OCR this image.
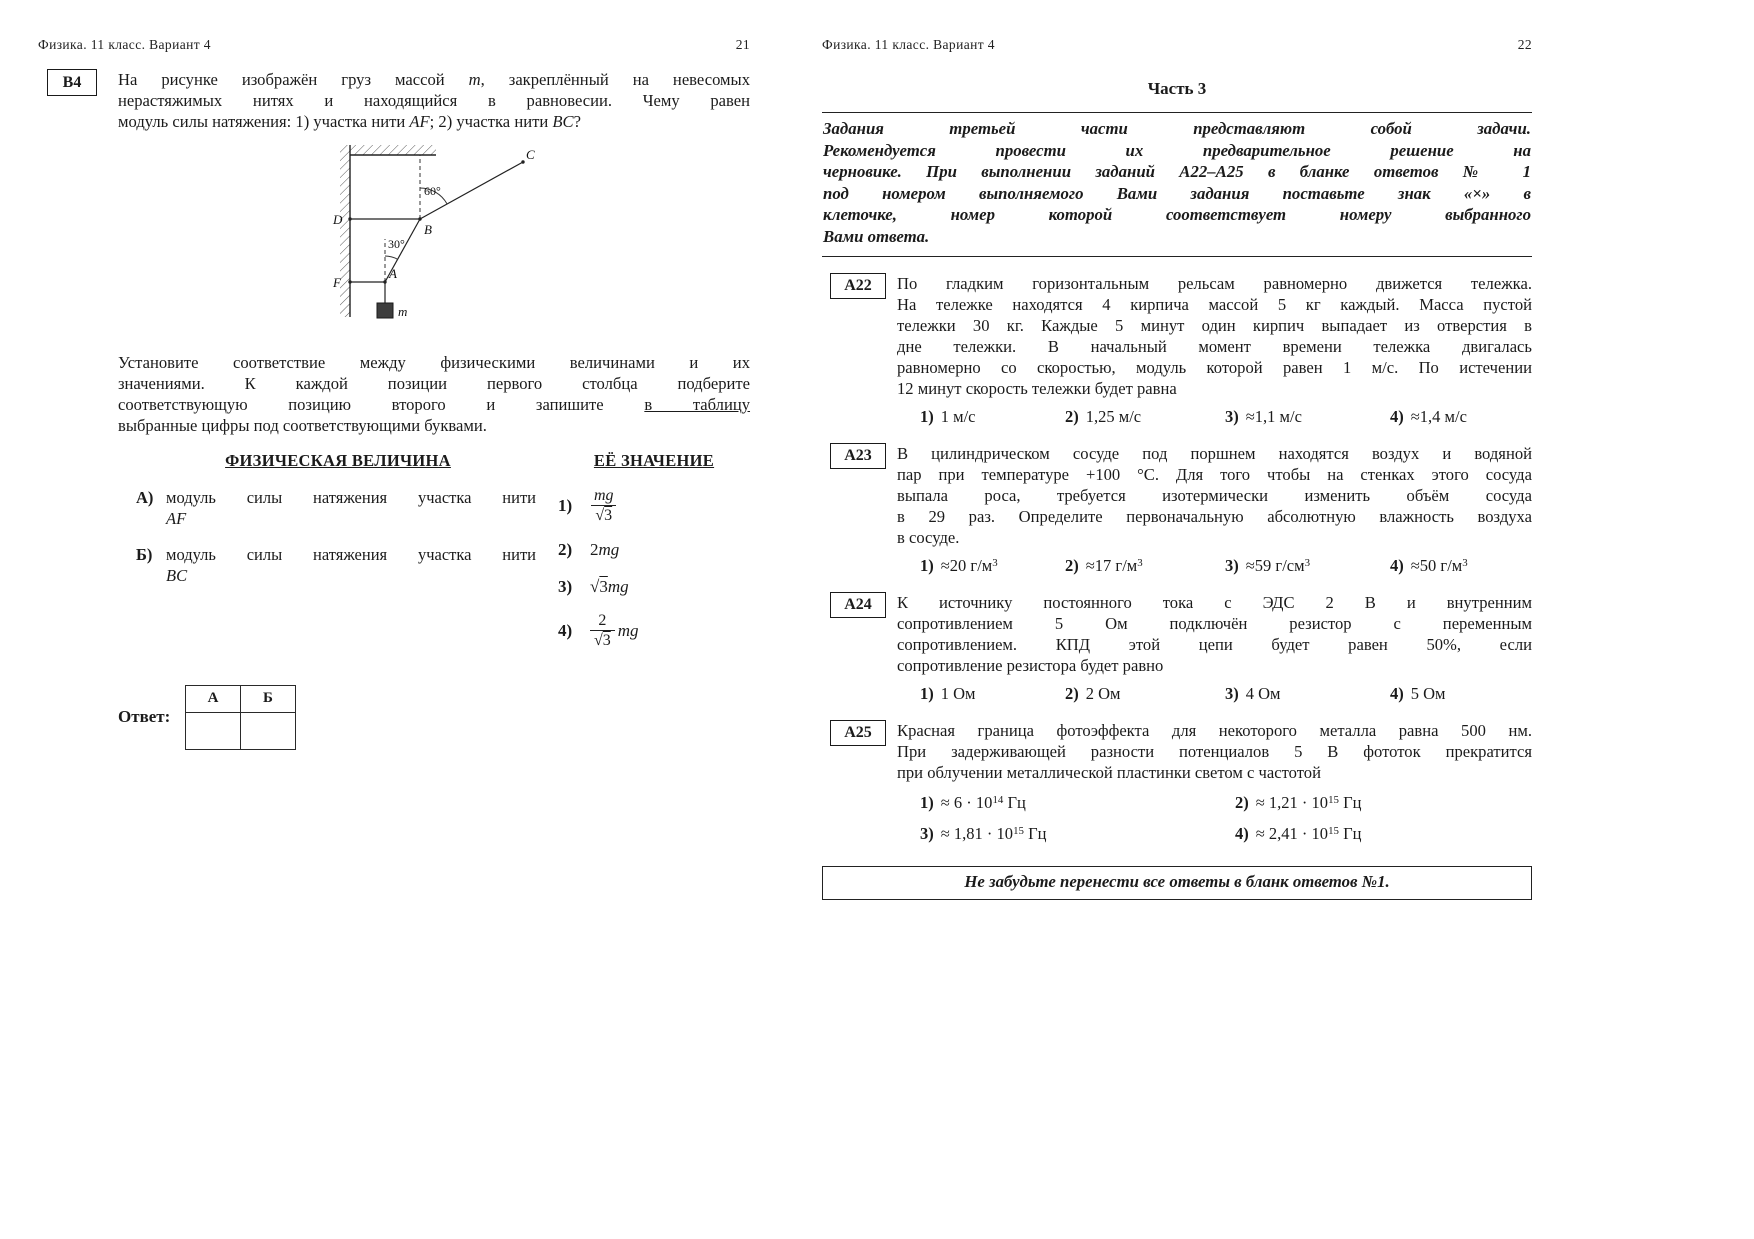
Физика. 11 класс. Вариант 4	21
В4	На рисунке изображён груз массой m, закреплённый на невесомых
нерастяжимых нитях и находящийся в равновесии. Чему равен
модуль силы натяжения: 1) участка нити AF; 2) участка нити BC?
D
F
B
C
A
m
60°
30°
Установите соответствие между физическими величинами и их
значениями. К каждой позиции первого столбца подберите
соответствующую позицию второго и запишите в таблицу
выбранные цифры под соответствующими буквами.
ФИЗИЧЕСКАЯ ВЕЛИЧИНА	ЕЁ ЗНАЧЕНИЕ
А) модуль силы натяжения участка нити
AF
Б) модуль силы натяжения участка нити
BC
1)	$\frac{mg}{√3}$
2)	2mg
3)	√3mg
4)	$\frac{2}{√3}$ mg
Ответ:
А	Б

Физика. 11 класс. Вариант 4	22
Часть 3
Задания третьей части представляют собой задачи.
Рекомендуется провести их предварительное решение на
черновике. При выполнении заданий А22–А25 в бланке ответов № 1
под номером выполняемого Вами задания поставьте знак «×» в
клеточке, номер которой соответствует номеру выбранного
Вами ответа.
А22	По гладким горизонтальным рельсам равномерно движется тележка.
На тележке находятся 4 кирпича массой 5 кг каждый. Масса пустой
тележки 30 кг. Каждые 5 минут один кирпич выпадает из отверстия в
дне тележки. В начальный момент времени тележка двигалась
равномерно со скоростью, модуль которой равен 1 м/с. По истечении
12 минут скорость тележки будет равна
1) 1 м/с	2) 1,25 м/с	3) ≈1,1 м/с	4) ≈1,4 м/с
А23	В цилиндрическом сосуде под поршнем находятся воздух и водяной
пар при температуре +100 °С. Для того чтобы на стенках этого сосуда
выпала роса, требуется изотермически изменить объём сосуда
в 29 раз. Определите первоначальную абсолютную влажность воздуха
в сосуде.
1) ≈20 $г/м^3$	2) ≈17 $г/м^3$	3) ≈59 $г/см^3$	4) ≈50 $г/м^3$
А24	К источнику постоянного тока с ЭДС 2 В и внутренним
сопротивлением 5 Ом подключён резистор с переменным
сопротивлением. КПД этой цепи будет равен 50%, если
сопротивление резистора будет равно
1) 1 Ом	2) 2 Ом	3) 4 Ом	4) 5 Ом
А25	Красная граница фотоэффекта для некоторого металла равна 500 нм.
При задерживающей разности потенциалов 5 В фототок прекратится
при облучении металлической пластинки светом с частотой
$1) \approx 6 \cdot 10^{14}$ Гц	$2) \approx 1,21 \cdot 10^{15}$ Гц
$3) \approx 1,81 \cdot 10^{15}$ Гц	$4) \approx 2,41 \cdot 10^{15}$ Гц
Не забудьте перенести все ответы в бланк ответов №1.
